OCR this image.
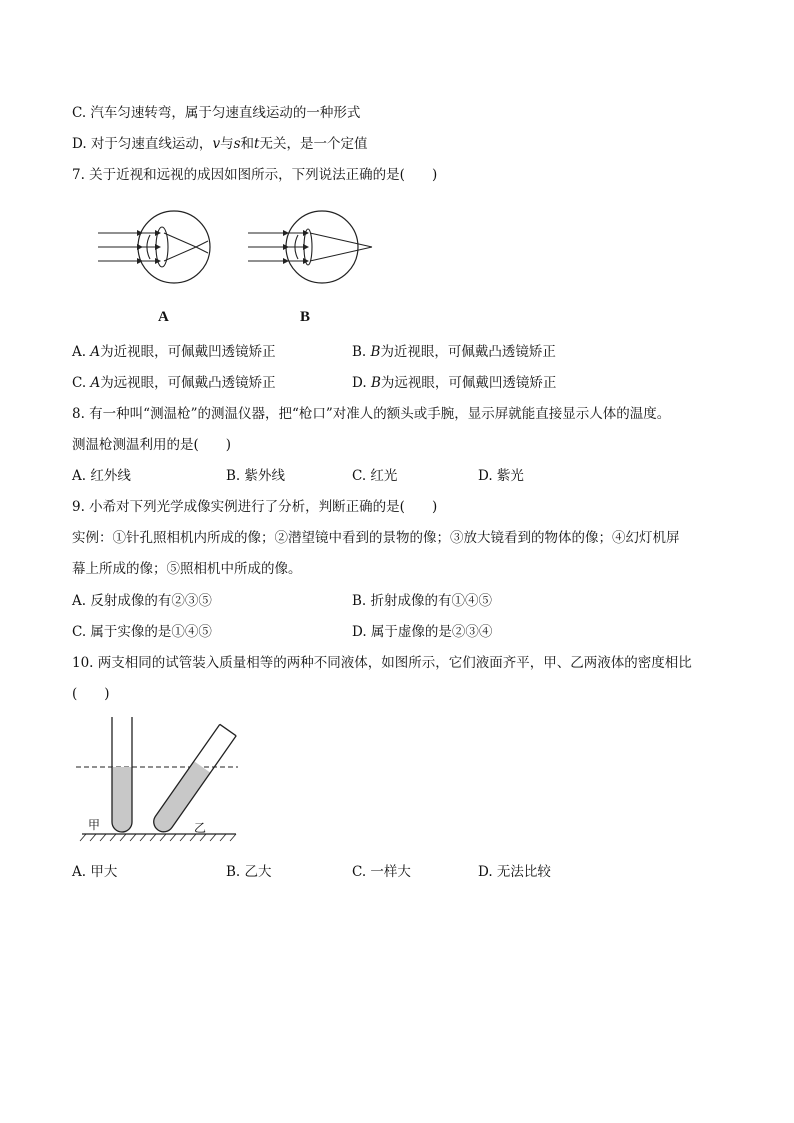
C. 汽车匀速转弯，属于匀速直线运动的一种形式
D. 对于匀速直线运动，v与s和t无关，是一个定值
7. 关于近视和远视的成因如图所示，下列说法正确的是(　　)
A	B
A. A为近视眼，可佩戴凹透镜矫正	B. B为近视眼，可佩戴凸透镜矫正
C. A为远视眼，可佩戴凸透镜矫正	D. B为远视眼，可佩戴凹透镜矫正
8. 有一种叫“测温枪”的测温仪器，把“枪口”对准人的额头或手腕，显示屏就能直接显示人体的温度。
测温枪测温利用的是(　　)
A. 红外线	B. 紫外线	C. 红光	D. 紫光
9. 小希对下列光学成像实例进行了分析，判断正确的是(　　)
实例：①针孔照相机内所成的像；②潜望镜中看到的景物的像；③放大镜看到的物体的像；④幻灯机屏
幕上所成的像；⑤照相机中所成的像。
A. 反射成像的有②③⑤	B. 折射成像的有①④⑤
C. 属于实像的是①④⑤	D. 属于虚像的是②③④
10. 两支相同的试管装入质量相等的两种不同液体，如图所示，它们液面齐平，甲、乙两液体的密度相比
(　　)
甲	乙
A. 甲大	B. 乙大	C. 一样大	D. 无法比较
